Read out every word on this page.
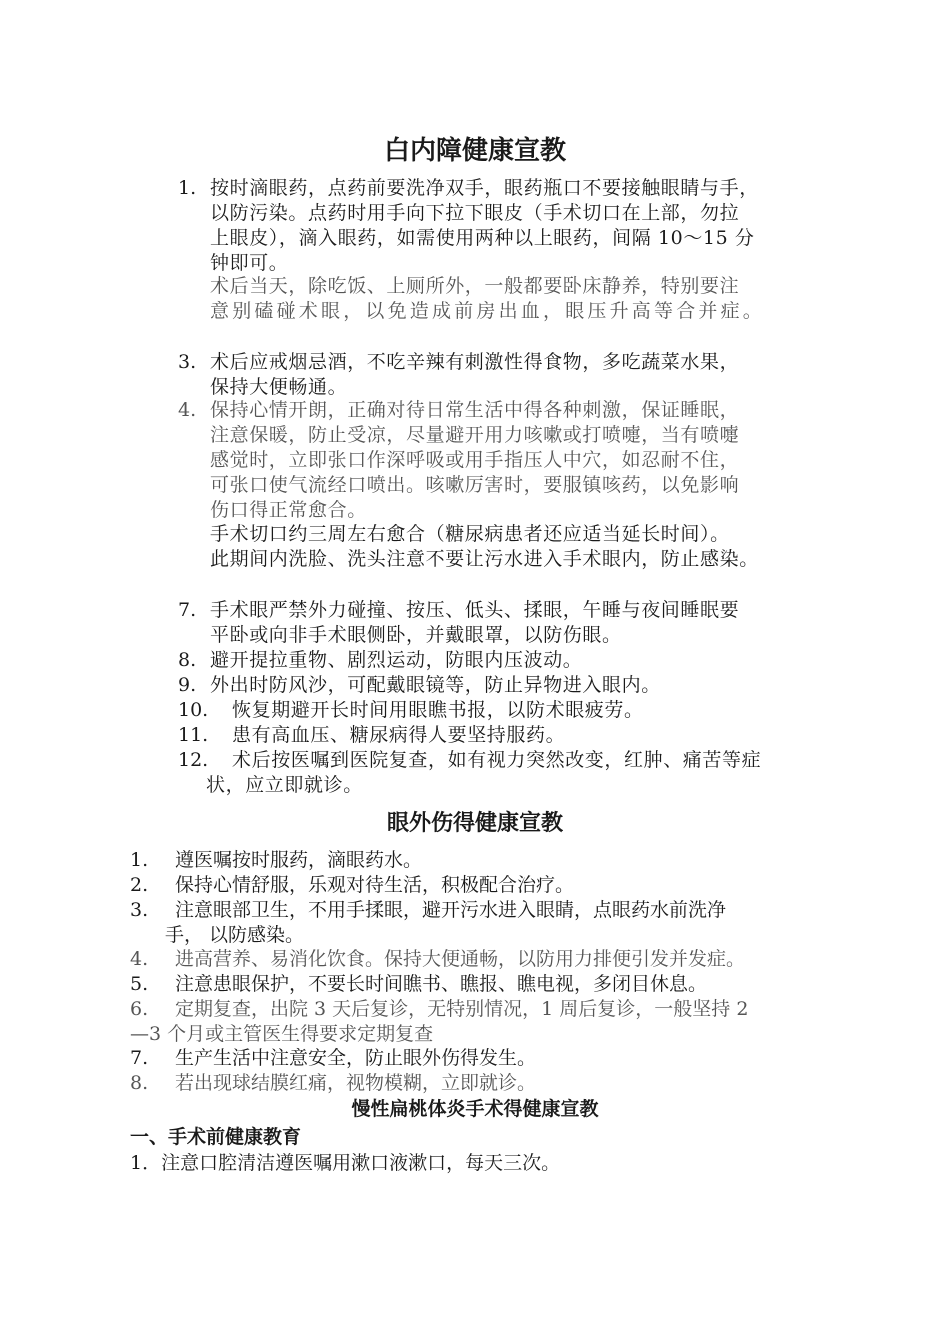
白内障健康宣教
1. 按时滴眼药，点药前要洗净双手，眼药瓶口不要接触眼睛与手，
以防污染。点药时用手向下拉下眼皮（手术切口在上部，勿拉
上眼皮），滴入眼药，如需使用两种以上眼药，间隔 10～15 分
钟即可。
术后当天，除吃饭、上厕所外，一般都要卧床静养，特别要注
意别磕碰术眼，以免造成前房出血，眼压升高等合并症。
3. 术后应戒烟忌酒，不吃辛辣有刺激性得食物，多吃蔬菜水果，
保持大便畅通。
4. 保持心情开朗，正确对待日常生活中得各种刺激，保证睡眠，
注意保暖，防止受凉，尽量避开用力咳嗽或打喷嚏，当有喷嚏
感觉时，立即张口作深呼吸或用手指压人中穴，如忍耐不住，
可张口使气流经口喷出。咳嗽厉害时，要服镇咳药，以免影响
伤口得正常愈合。
手术切口约三周左右愈合（糖尿病患者还应适当延长时间）。
此期间内洗脸、洗头注意不要让污水进入手术眼内，防止感染。
7. 手术眼严禁外力碰撞、按压、低头、揉眼，午睡与夜间睡眠要
平卧或向非手术眼侧卧，并戴眼罩，以防伤眼。
8. 避开提拉重物、剧烈运动，防眼内压波动。
9. 外出时防风沙，可配戴眼镜等，防止异物进入眼内。
10. 恢复期避开长时间用眼瞧书报，以防术眼疲劳。
11. 患有高血压、糖尿病得人要坚持服药。
12. 术后按医嘱到医院复查，如有视力突然改变，红肿、痛苦等症
状，应立即就诊。
眼外伤得健康宣教
1. 遵医嘱按时服药，滴眼药水。
2. 保持心情舒服，乐观对待生活，积极配合治疗。
3. 注意眼部卫生，不用手揉眼，避开污水进入眼睛，点眼药水前洗净
手， 以防感染。
4. 进高营养、易消化饮食。保持大便通畅，以防用力排便引发并发症。
5. 注意患眼保护，不要长时间瞧书、瞧报、瞧电视，多闭目休息。
6. 定期复查，出院 3 天后复诊，无特别情况，1 周后复诊，一般坚持 2
—3 个月或主管医生得要求定期复查
7. 生产生活中注意安全，防止眼外伤得发生。
8. 若出现球结膜红痛，视物模糊，立即就诊。
慢性扁桃体炎手术得健康宣教
一、手术前健康教育
1．注意口腔清洁遵医嘱用漱口液漱口，每天三次。
